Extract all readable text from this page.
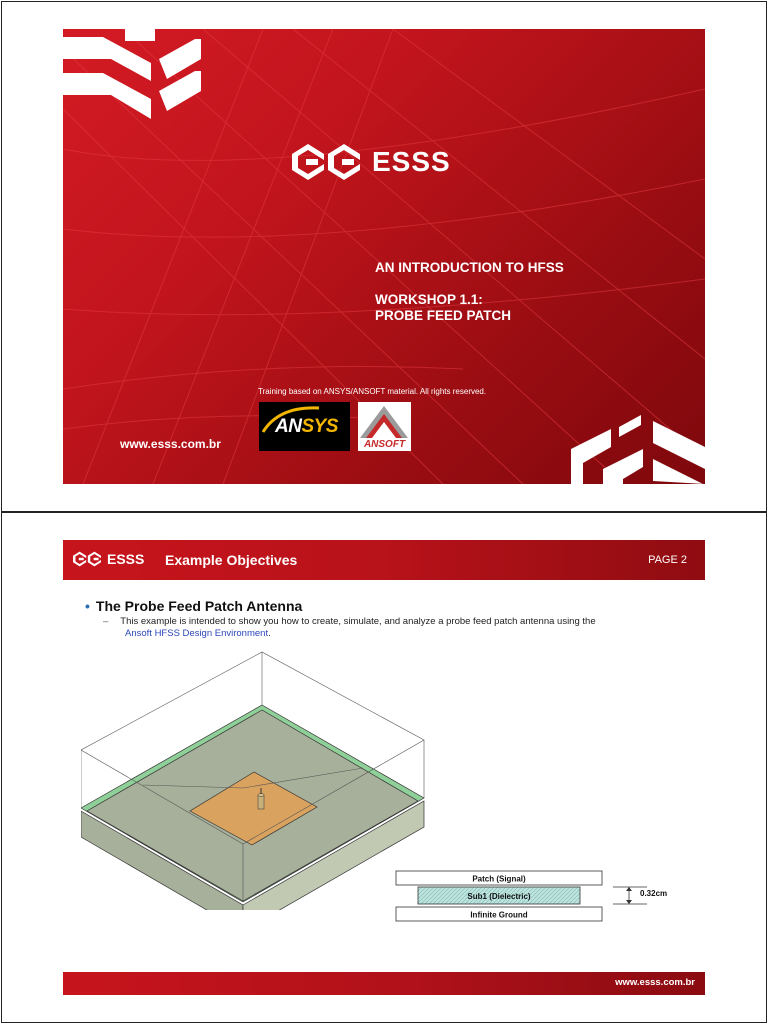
ESSS
AN INTRODUCTION TO HFSS
WORKSHOP 1.1:
PROBE FEED PATCH
Training based on ANSYS/ANSOFT material. All rights reserved.
ANSYS
ANSOFT
www.esss.com.br
ESSS Example Objectives	PAGE 2
• The Probe Feed Patch Antenna
– This example is intended to show you how to create, simulate, and analyze a probe feed patch antenna using the
Ansoft HFSS Design Environment.
Patch (Signal)
Sub1 (Dielectric)
Infinite Ground
0.32cm
www.esss.com.br
